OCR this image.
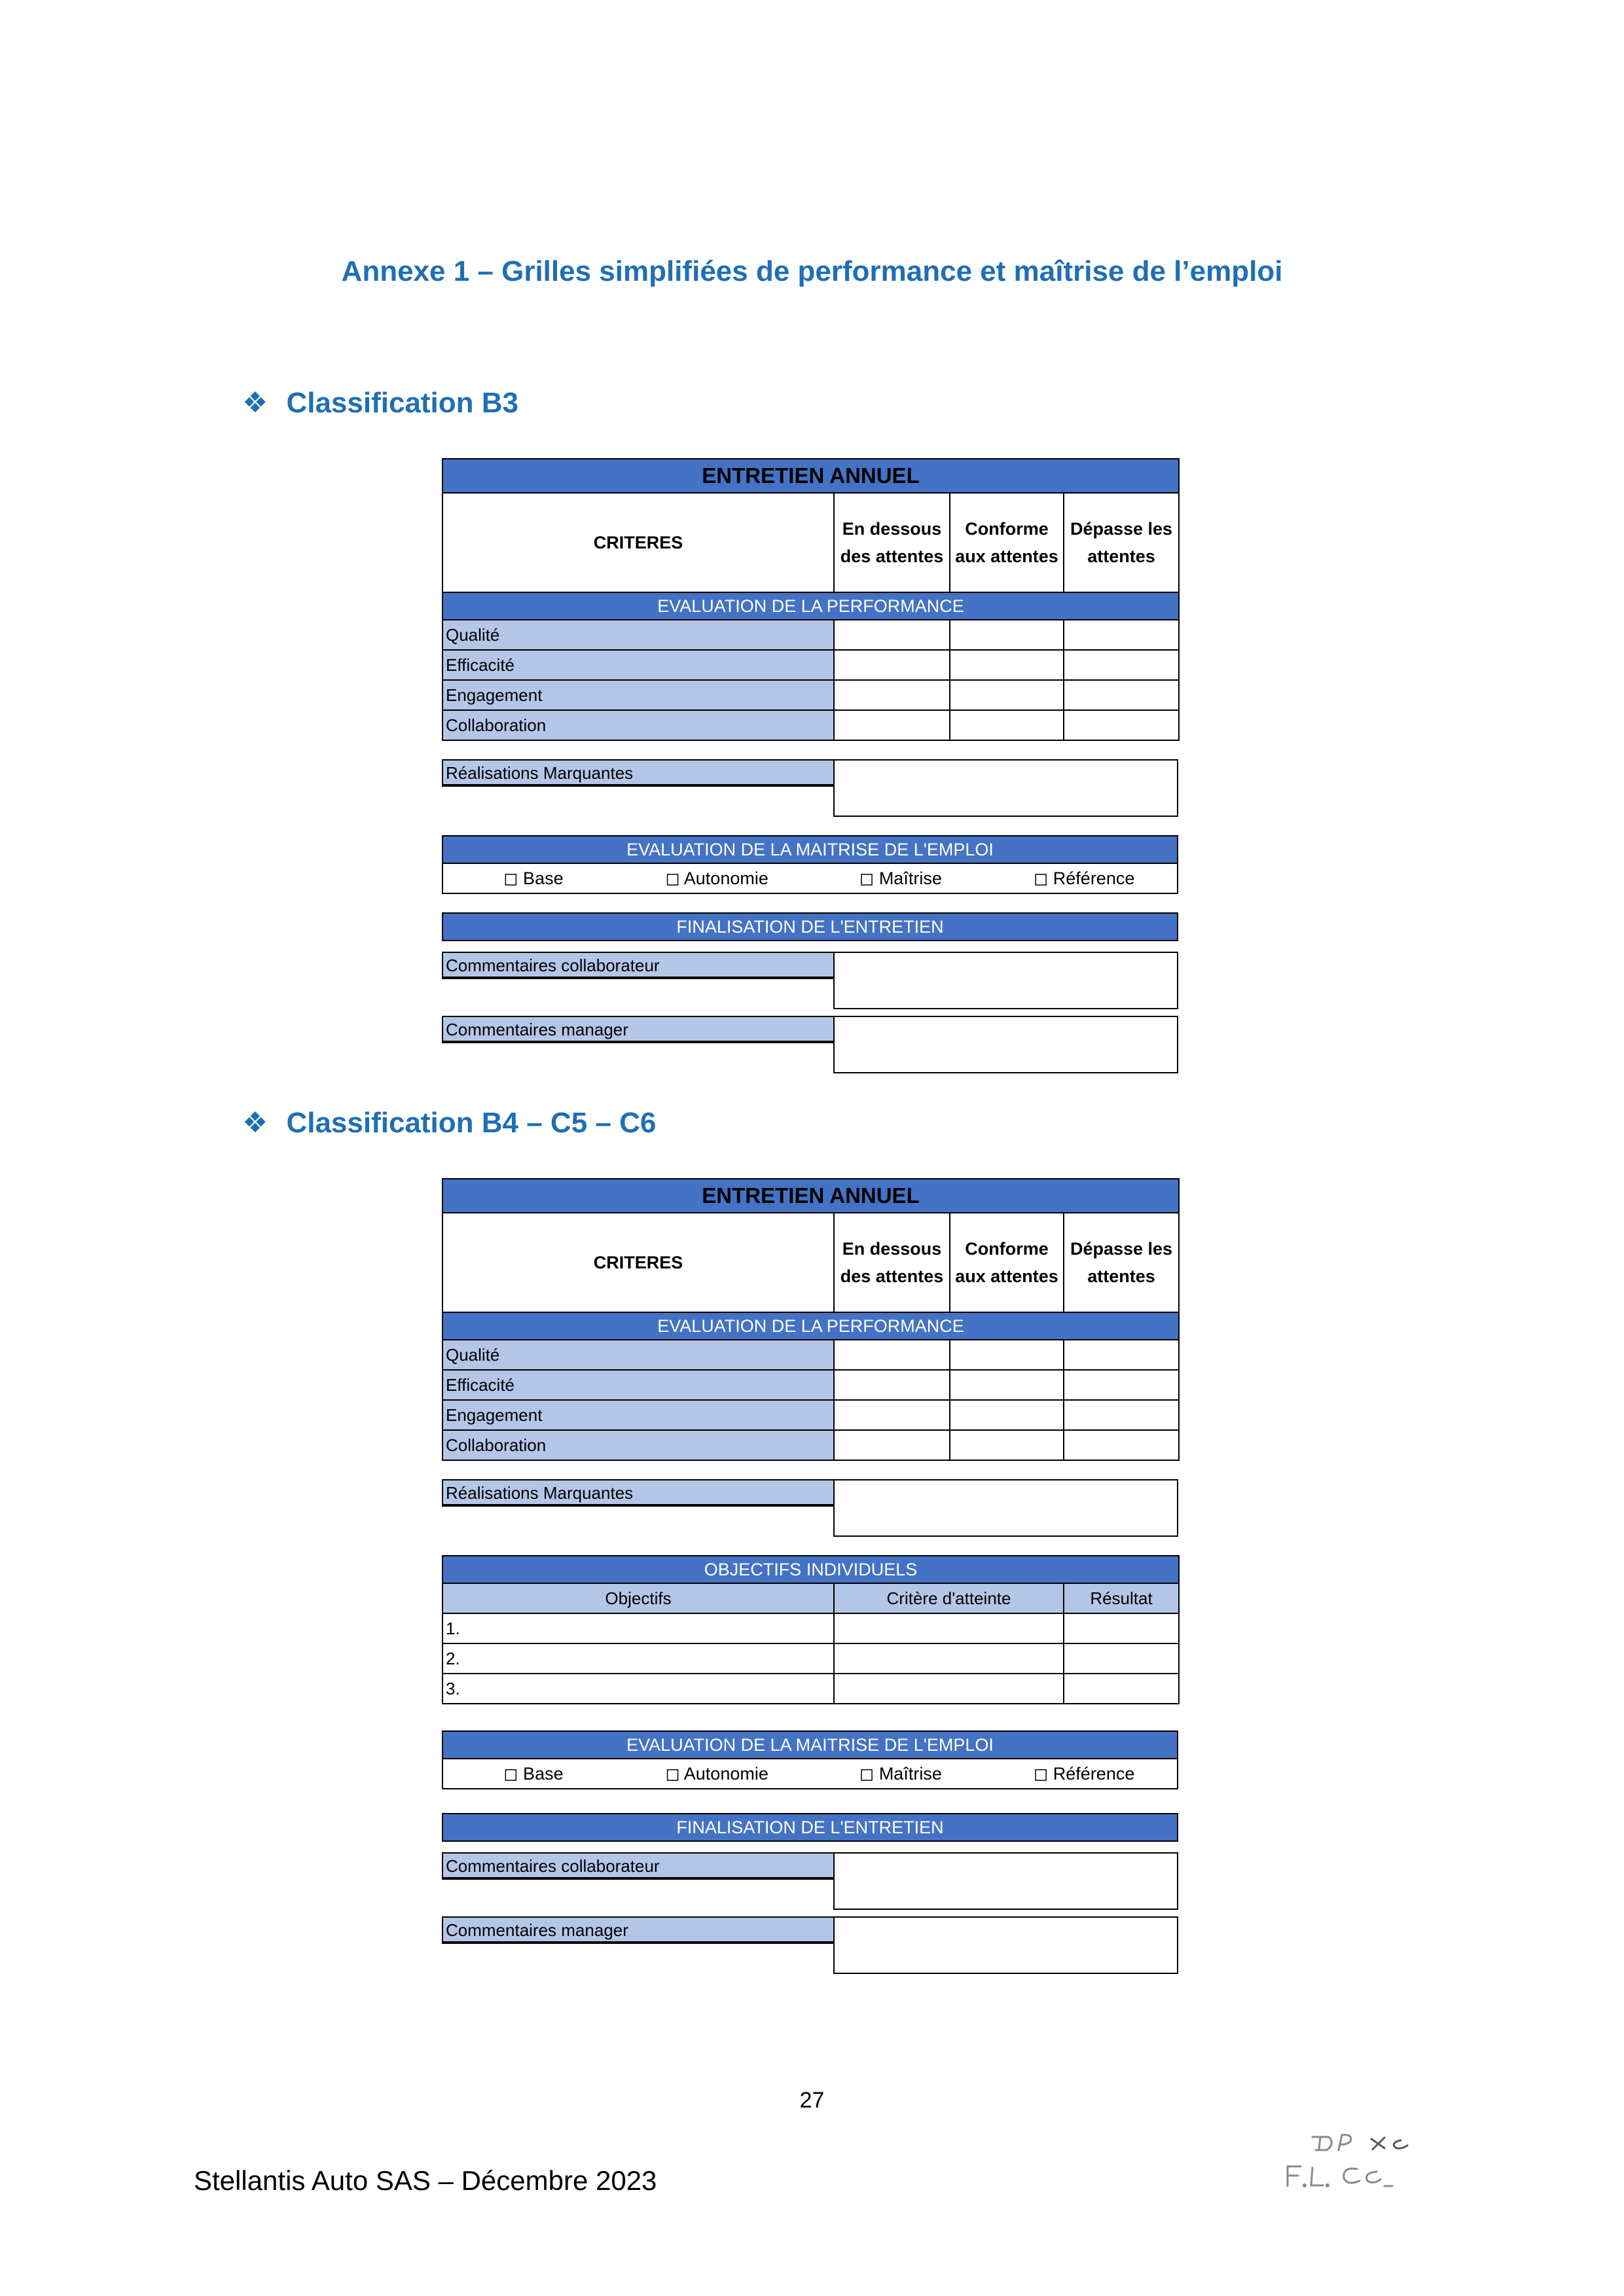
Annexe 1 – Grilles simplifiées de performance et maîtrise de l’emploi
❖ Classification B3
ENTRETIEN ANNUEL			
CRITERES	En dessous des attentes	Conforme aux attentes	Dépasse les attentes
EVALUATION DE LA PERFORMANCE			
Qualité			
Efficacité			
Engagement			
Collaboration			
Réalisations Marquantes
EVALUATION DE LA MAITRISE DE L'EMPLOI
◻ Base	◻ Autonomie	◻ Maîtrise	◻ Référence
FINALISATION DE L'ENTRETIEN
Commentaires collaborateur
Commentaires manager
❖ Classification B4 – C5 – C6
ENTRETIEN ANNUEL			
CRITERES	En dessous des attentes	Conforme aux attentes	Dépasse les attentes
EVALUATION DE LA PERFORMANCE			
Qualité			
Efficacité			
Engagement			
Collaboration			
Réalisations Marquantes
OBJECTIFS INDIVIDUELS		
Objectifs	Critère d'atteinte	Résultat
1.		
2.		
3.		
EVALUATION DE LA MAITRISE DE L'EMPLOI
◻ Base	◻ Autonomie	◻ Maîtrise	◻ Référence
FINALISATION DE L'ENTRETIEN
Commentaires collaborateur
Commentaires manager
27
Stellantis Auto SAS – Décembre 2023
